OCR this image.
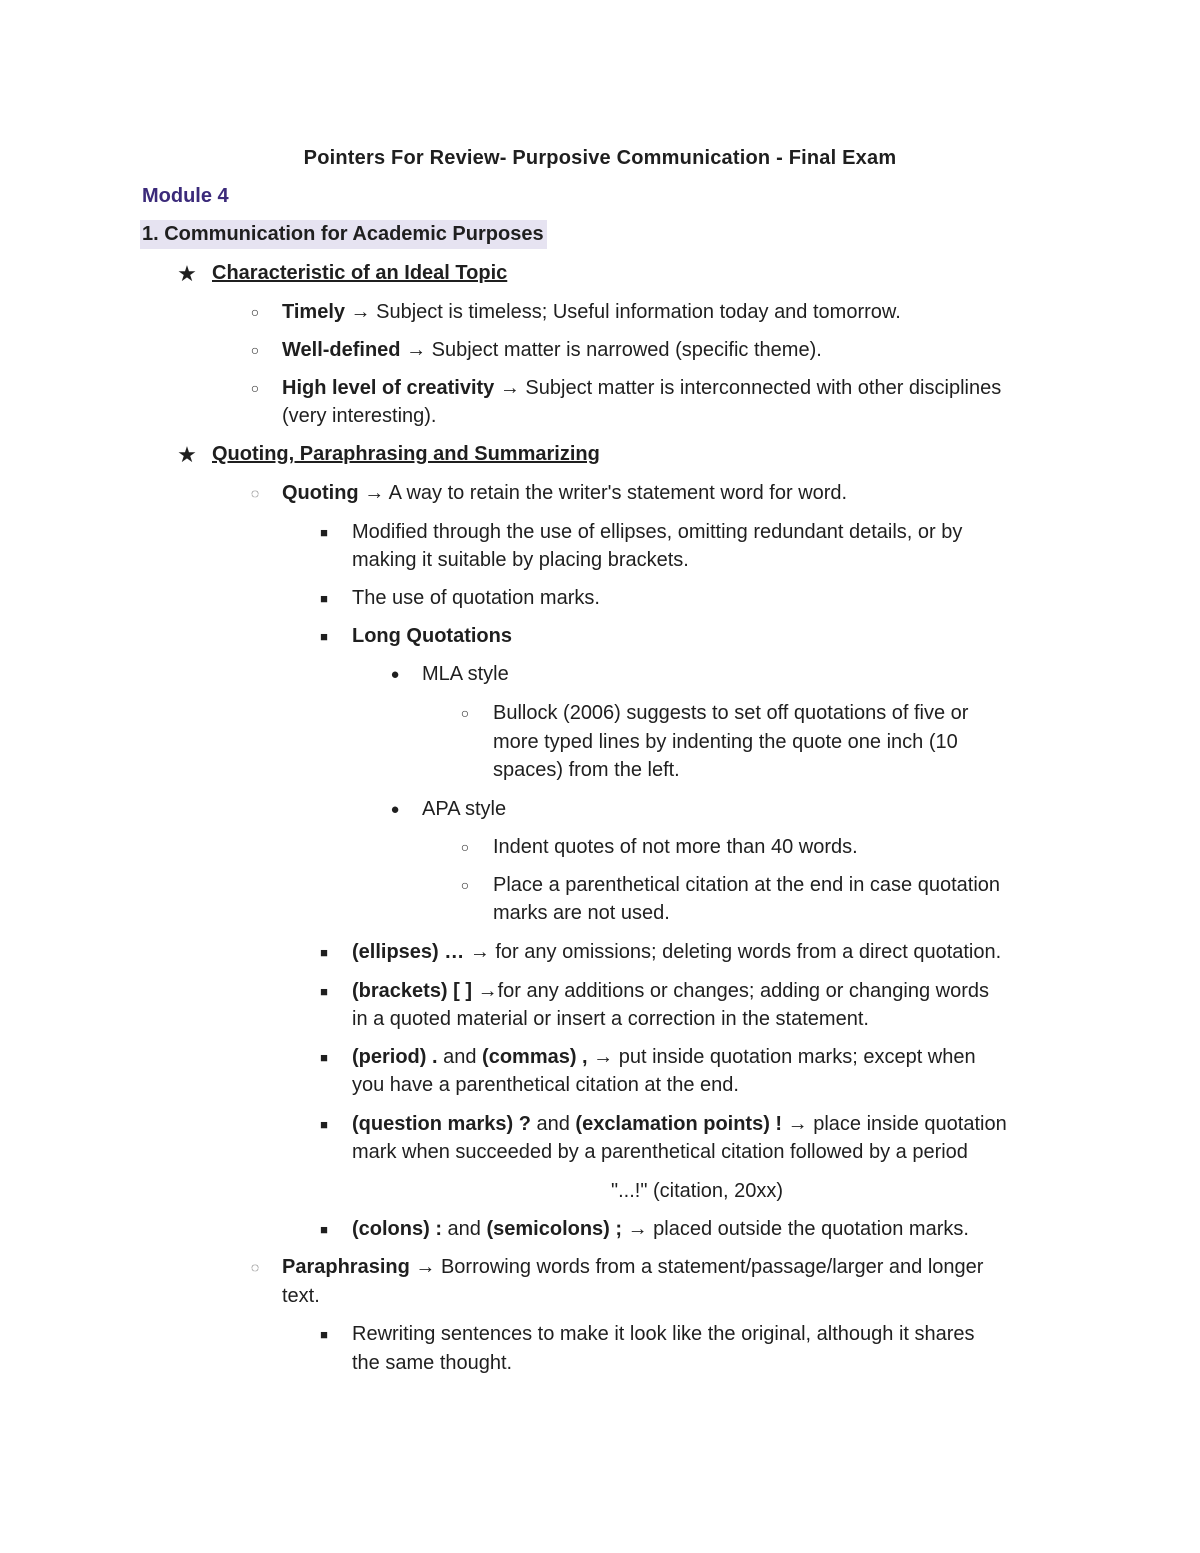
Pointers For Review- Purposive Communication - Final Exam
Module 4
1. Communication for Academic Purposes
★ Characteristic of an Ideal Topic
○ Timely → Subject is timeless; Useful information today and tomorrow.
○ Well-defined → Subject matter is narrowed (specific theme).
○ High level of creativity → Subject matter is interconnected with other disciplines
(very interesting).
★ Quoting, Paraphrasing and Summarizing
◌ Quoting → A way to retain the writer's statement word for word.
■ Modified through the use of ellipses, omitting redundant details, or by
making it suitable by placing brackets.
■ The use of quotation marks.
■ Long Quotations
● MLA style
○ Bullock (2006) suggests to set off quotations of five or
more typed lines by indenting the quote one inch (10
spaces) from the left.
● APA style
○ Indent quotes of not more than 40 words.
○ Place a parenthetical citation at the end in case quotation
marks are not used.
■ (ellipses) … → for any omissions; deleting words from a direct quotation.
■ (brackets) [ ] →for any additions or changes; adding or changing words
in a quoted material or insert a correction in the statement.
■ (period) . and (commas) , → put inside quotation marks; except when
you have a parenthetical citation at the end.
■ (question marks) ? and (exclamation points) ! → place inside quotation
mark when succeeded by a parenthetical citation followed by a period
"...!" (citation, 20xx)
■ (colons) : and (semicolons) ; → placed outside the quotation marks.
◌ Paraphrasing → Borrowing words from a statement/passage/larger and longer
text.
■ Rewriting sentences to make it look like the original, although it shares
the same thought.
